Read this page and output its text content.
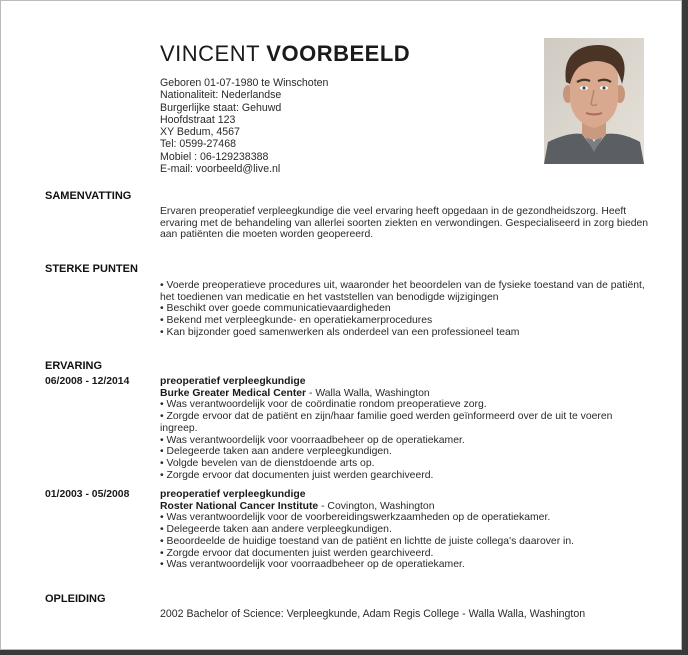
VINCENT VOORBEELD
Geboren 01-07-1980 te Winschoten
Nationaliteit: Nederlandse
Burgerlijke staat: Gehuwd
Hoofdstraat 123
XY Bedum, 4567
Tel: 0599-27468
Mobiel : 06-129238388
E-mail: voorbeeld@live.nl
SAMENVATTING
Ervaren preoperatief verpleegkundige die veel ervaring heeft opgedaan in de gezondheidszorg. Heeft ervaring met de behandeling van allerlei soorten ziekten en verwondingen. Gespecialiseerd in zorg bieden aan patiënten die moeten worden geopereerd.
STERKE PUNTEN
• Voerde preoperatieve procedures uit, waaronder het beoordelen van de fysieke toestand van de patiënt, het toedienen van medicatie en het vaststellen van benodigde wijzigingen
• Beschikt over goede communicatievaardigheden
• Bekend met verpleegkunde- en operatiekamerprocedures
• Kan bijzonder goed samenwerken als onderdeel van een professioneel team
ERVARING
06/2008 - 12/2014	preoperatief verpleegkundige
Burke Greater Medical Center - Walla Walla, Washington
• Was verantwoordelijk voor de coördinatie rondom preoperatieve zorg.
• Zorgde ervoor dat de patiënt en zijn/haar familie goed werden geïnformeerd over de uit te voeren ingreep.
• Was verantwoordelijk voor voorraadbeheer op de operatiekamer.
• Delegeerde taken aan andere verpleegkundigen.
• Volgde bevelen van de dienstdoende arts op.
• Zorgde ervoor dat documenten juist werden gearchiveerd.
01/2003 - 05/2008	preoperatief verpleegkundige
Roster National Cancer Institute - Covington, Washington
• Was verantwoordelijk voor de voorbereidingswerkzaamheden op de operatiekamer.
• Delegeerde taken aan andere verpleegkundigen.
• Beoordeelde de huidige toestand van de patiënt en lichtte de juiste collega's daarover in.
• Zorgde ervoor dat documenten juist werden gearchiveerd.
• Was verantwoordelijk voor voorraadbeheer op de operatiekamer.
OPLEIDING
2002 Bachelor of Science: Verpleegkunde, Adam Regis College - Walla Walla, Washington
